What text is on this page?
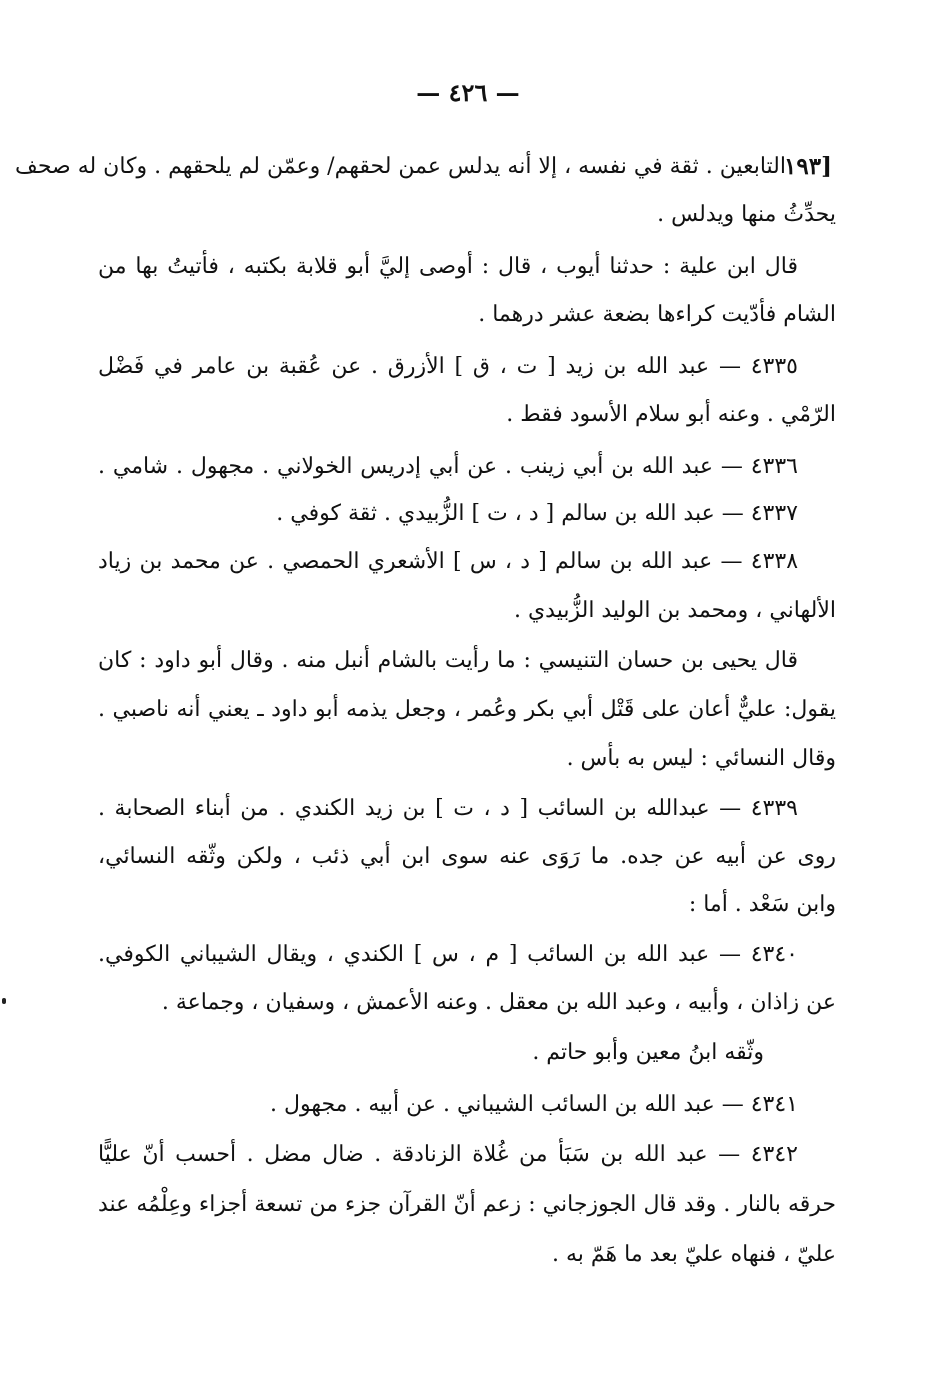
— ٤٢٦ —
[١٩٣
التابعين . ثقة في نفسه ، إلا أنه يدلس عمن لحقهم/ وعمّن لم يلحقهم . وكان له صحف
يحدِّثُ منها ويدلس .
قال ابن علية : حدثنا أيوب ، قال : أوصى إليَّ أبو قلابة بكتبه ، فأتيتُ بها من
الشام فأدّيت كراءها بضعة عشر درهما .
٤٣٣٥ — عبد الله بن زيد [ ت ، ق ] الأزرق . عن عُقبة بن عامر في فَضْل
الرّمْي . وعنه أبو سلام الأسود فقط .
٤٣٣٦ — عبد الله بن أبي زينب . عن أبي إدريس الخولاني . مجهول . شامي .
٤٣٣٧ — عبد الله بن سالم [ د ، ت ] الزُّبيدي . ثقة كوفي .
٤٣٣٨ — عبد الله بن سالم [ د ، س ] الأشعري الحمصي . عن محمد بن زياد
الألهاني ، ومحمد بن الوليد الزُّبيدي .
قال يحيى بن حسان التنيسي : ما رأيت بالشام أنبل منه . وقال أبو داود : كان
يقول: عليٌّ أعان على قَتْل أبي بكر وعُمر ، وجعل يذمه أبو داود ـ يعني أنه ناصبي .
وقال النسائي : ليس به بأس .
٤٣٣٩ — عبدالله بن السائب [ د ، ت ] بن زيد الكندي . من أبناء الصحابة .
روى عن أبيه عن جده. ما رَوَى عنه سوى ابن أبي ذئب ، ولكن وثّقه النسائي،
وابن سَعْد . أما :
٤٣٤٠ — عبد الله بن السائب [ م ، س ] الكندي ، ويقال الشيباني الكوفي.
عن زاذان ، وأبيه ، وعبد الله بن معقل . وعنه الأعمش ، وسفيان ، وجماعة .
وثّقه ابنُ معين وأبو حاتم .
٤٣٤١ — عبد الله بن السائب الشيباني . عن أبيه . مجهول .
٤٣٤٢ — عبد الله بن سَبَأ من غُلاة الزنادقة . ضال مضل . أحسب أنّ عليًّا
حرقه بالنار . وقد قال الجوزجاني : زعم أنّ القرآن جزء من تسعة أجزاء وعِلْمُه عند
عليّ ، فنهاه عليّ بعد ما هَمّ به .
